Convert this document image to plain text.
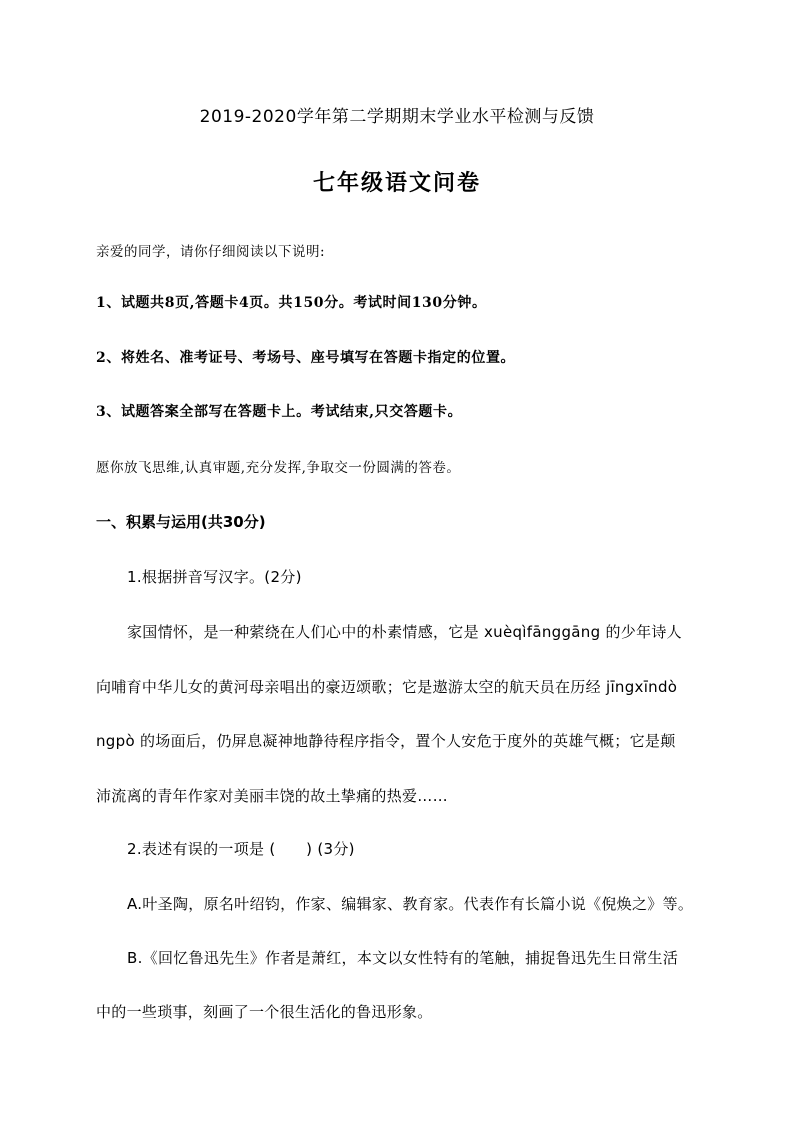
2019-2020学年第二学期期末学业水平检测与反馈
七年级语文问卷
亲爱的同学，请你仔细阅读以下说明:
1、试题共8页,答题卡4页。共150分。考试时间130分钟。
2、将姓名、准考证号、考场号、座号填写在答题卡指定的位置。
3、试题答案全部写在答题卡上。考试结束,只交答题卡。
愿你放飞思维,认真审题,充分发挥,争取交一份圆满的答卷。
一、积累与运用(共30分)
1.根据拼音写汉字。(2分)
家国情怀，是一种萦绕在人们心中的朴素情感，它是 xuèqìfānggāng 的少年诗人
向哺育中华儿女的黄河母亲唱出的豪迈颂歌；它是遨游太空的航天员在历经 jīngxīndò
ngpò 的场面后，仍屏息凝神地静待程序指令，置个人安危于度外的英雄气概；它是颠
沛流离的青年作家对美丽丰饶的故土挚痛的热爱……
2.表述有误的一项是 (　　) (3分)
A.叶圣陶，原名叶绍钧，作家、编辑家、教育家。代表作有长篇小说《倪焕之》等。
B.《回忆鲁迅先生》作者是萧红，本文以女性特有的笔触，捕捉鲁迅先生日常生活
中的一些琐事，刻画了一个很生活化的鲁迅形象。
